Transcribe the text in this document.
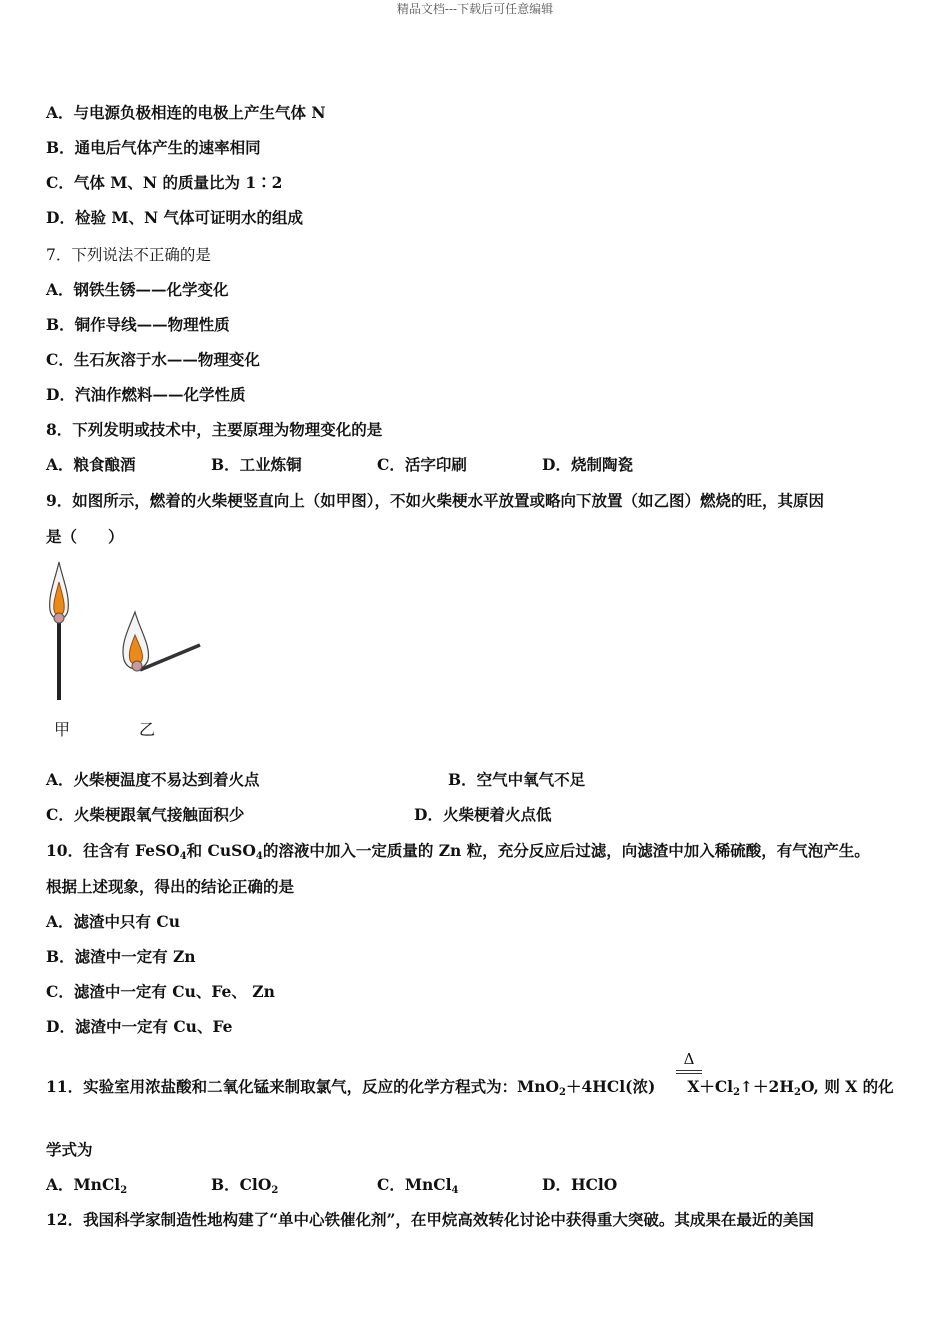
精品文档---下载后可任意编辑
A．与电源负极相连的电极上产生气体 N
B．通电后气体产生的速率相同
C．气体 M、N 的质量比为 1∶2
D．检验 M、N 气体可证明水的组成
7．下列说法不正确的是
A．钢铁生锈——化学变化
B．铜作导线——物理性质
C．生石灰溶于水——物理变化
D．汽油作燃料——化学性质
8．下列发明或技术中，主要原理为物理变化的是
A．粮食酿酒	B．工业炼铜	C．活字印刷	D．烧制陶瓷
9．如图所示，燃着的火柴梗竖直向上（如甲图），不如火柴梗水平放置或略向下放置（如乙图）燃烧的旺，其原因
是（　　）
甲	乙
A．火柴梗温度不易达到着火点	B．空气中氧气不足
C．火柴梗跟氧气接触面积少	D．火柴梗着火点低
10．往含有 FeSO$_4$和 CuSO$_4$的溶液中加入一定质量的 Zn 粒，充分反应后过滤，向滤渣中加入稀硫酸，有气泡产生。
根据上述现象，得出的结论正确的是
A．滤渣中只有 Cu
B．滤渣中一定有 Zn
C．滤渣中一定有 Cu、Fe、 Zn
D．滤渣中一定有 Cu、Fe
Δ
11．实验室用浓盐酸和二氧化锰来制取氯气，反应的化学方程式为：MnO$_2$＋4HCl(浓) $X+Cl_2↑+2H_2O$, 则 X 的化
学式为
A．MnCl$_2$	B．ClO$_2$	C．MnCl$_4$	D．HClO
12．我国科学家制造性地构建了“单中心铁催化剂”，在甲烷高效转化讨论中获得重大突破。其成果在最近的美国
